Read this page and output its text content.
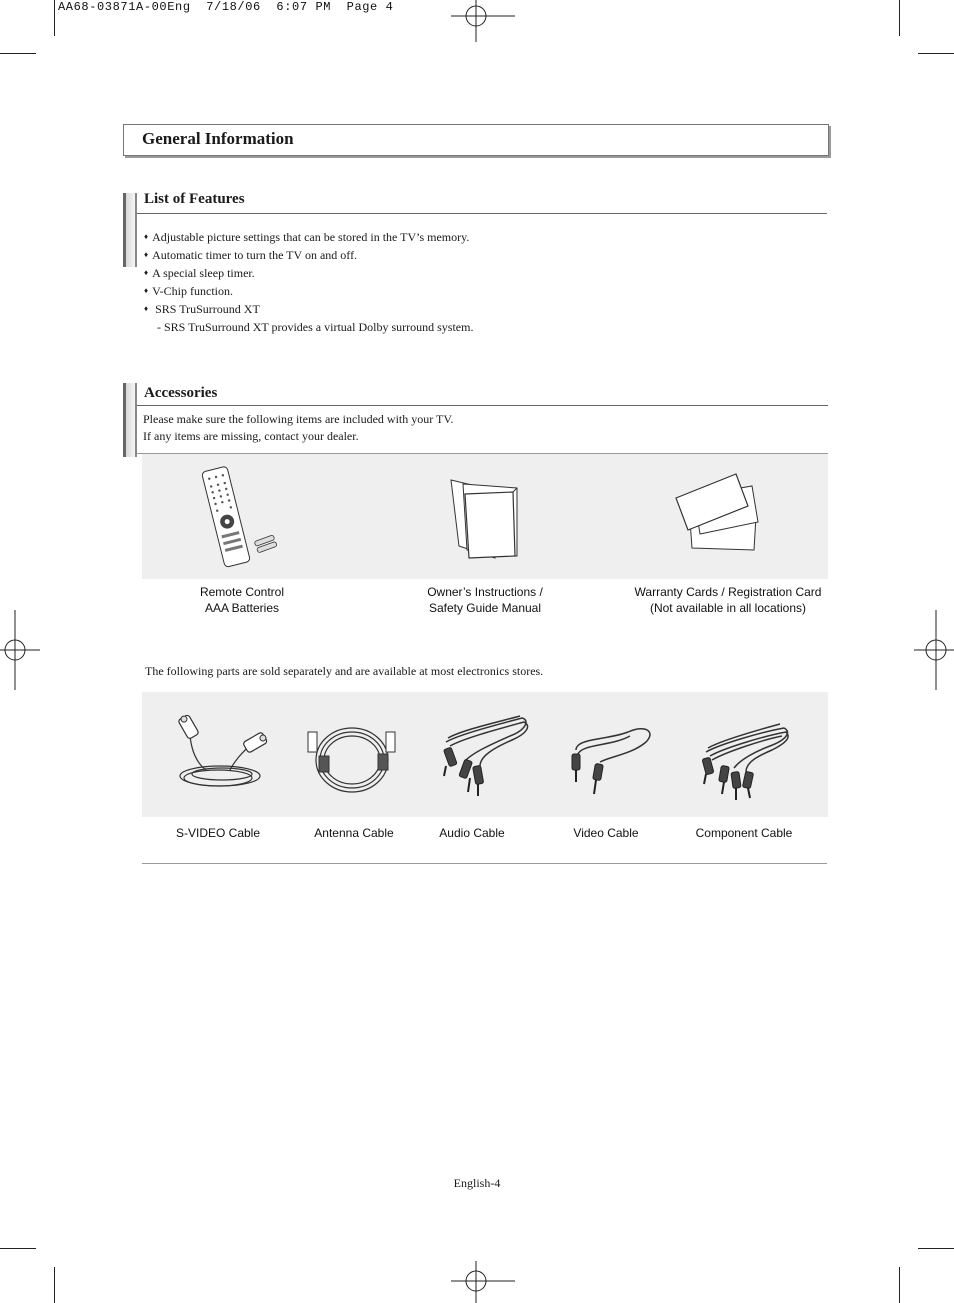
AA68-03871A-00Eng  7/18/06  6:07 PM  Page 4
General Information
List of Features
♦ Adjustable picture settings that can be stored in the TV’s memory.
♦ Automatic timer to turn the TV on and off.
♦ A special sleep timer.
♦ V-Chip function.
♦ SRS TruSurround XT
- SRS TruSurround XT provides a virtual Dolby surround system.
Accessories
Please make sure the following items are included with your TV.
If any items are missing, contact your dealer.
Remote Control
AAA Batteries
Owner’s Instructions /
Safety Guide Manual
Warranty Cards / Registration Card
(Not available in all locations)
The following parts are sold separately and are available at most electronics stores.
S-VIDEO Cable	Antenna Cable	Audio Cable	Video Cable	Component Cable
English-4
